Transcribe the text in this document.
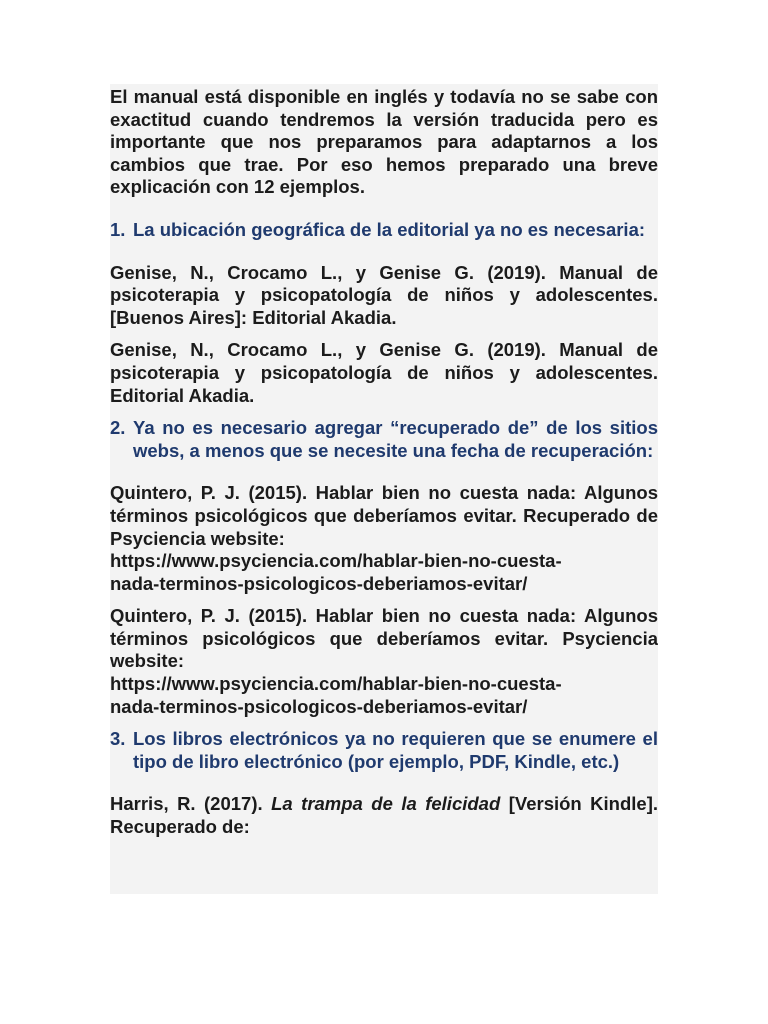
El manual está disponible en inglés y todavía no se sabe con exactitud cuando tendremos la versión traducida pero es importante que nos preparamos para adaptarnos a los cambios que trae. Por eso hemos preparado una breve explicación con 12 ejemplos.

1. La ubicación geográfica de la editorial ya no es necesaria:

Genise, N., Crocamo L., y Genise G. (2019). Manual de psicoterapia y psicopatología de niños y adolescentes. [Buenos Aires]: Editorial Akadia.

Genise, N., Crocamo L., y Genise G. (2019). Manual de psicoterapia y psicopatología de niños y adolescentes. Editorial Akadia.

2. Ya no es necesario agregar “recuperado de” de los sitios webs, a menos que se necesite una fecha de recuperación:

Quintero, P. J. (2015). Hablar bien no cuesta nada: Algunos términos psicológicos que deberíamos evitar. Recuperado de Psyciencia website:

https://www.psyciencia.com/hablar-bien-no-cuesta-

nada-terminos-psicologicos-deberiamos-evitar/

Quintero, P. J. (2015). Hablar bien no cuesta nada: Algunos términos psicológicos que deberíamos evitar. Psyciencia website:

https://www.psyciencia.com/hablar-bien-no-cuesta-

nada-terminos-psicologicos-deberiamos-evitar/

3. Los libros electrónicos ya no requieren que se enumere el tipo de libro electrónico (por ejemplo, PDF, Kindle, etc.)

Harris, R. (2017). La trampa de la felicidad [Versión Kindle]. Recuperado de:
